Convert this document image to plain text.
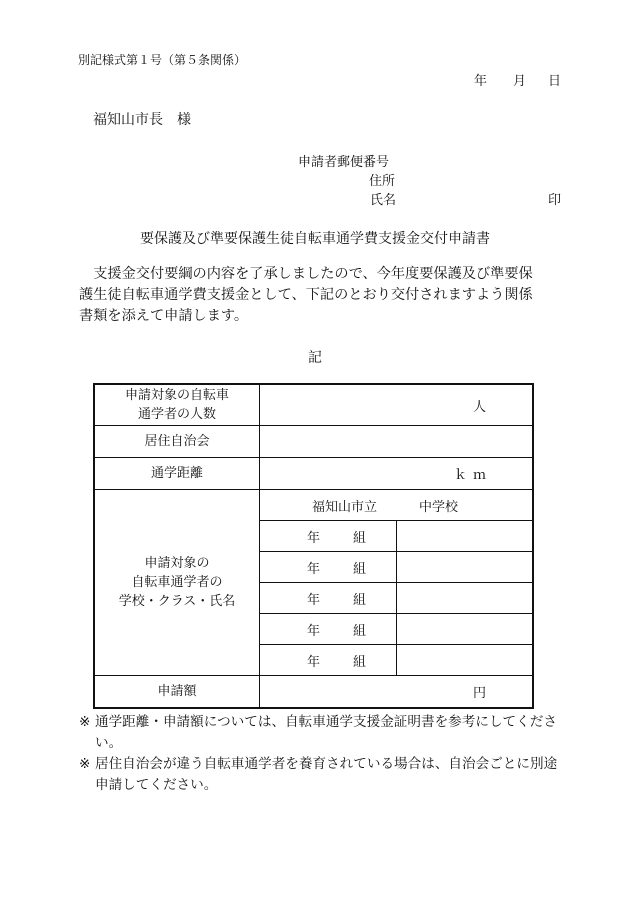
別記様式第１号（第５条関係）
年 月 日
福知山市長　様
申請者郵便番号
住所
氏名	印
要保護及び準要保護生徒自転車通学費支援金交付申請書

　支援金交付要綱の内容を了承しましたので、今年度要保護及び準要保

護生徒自転車通学費支援金として、下記のとおり交付されますよう関係

書類を添えて申請します。

記
申請対象の自転車
通学者の人数	人	
居住自治会		
通学距離	ｋｍ	

申請対象の
自転車通学者の
学校・クラス・氏名	福知山市立 中学校	
	年 組	
	年 組	
	年 組	
	年 組	
	年 組	
申請額	円	
※ 通学距離・申請額については、自転車通学支援金証明書を参考にしてください。
※ 居住自治会が違う自転車通学者を養育されている場合は、自治会ごとに別途申請してください。
